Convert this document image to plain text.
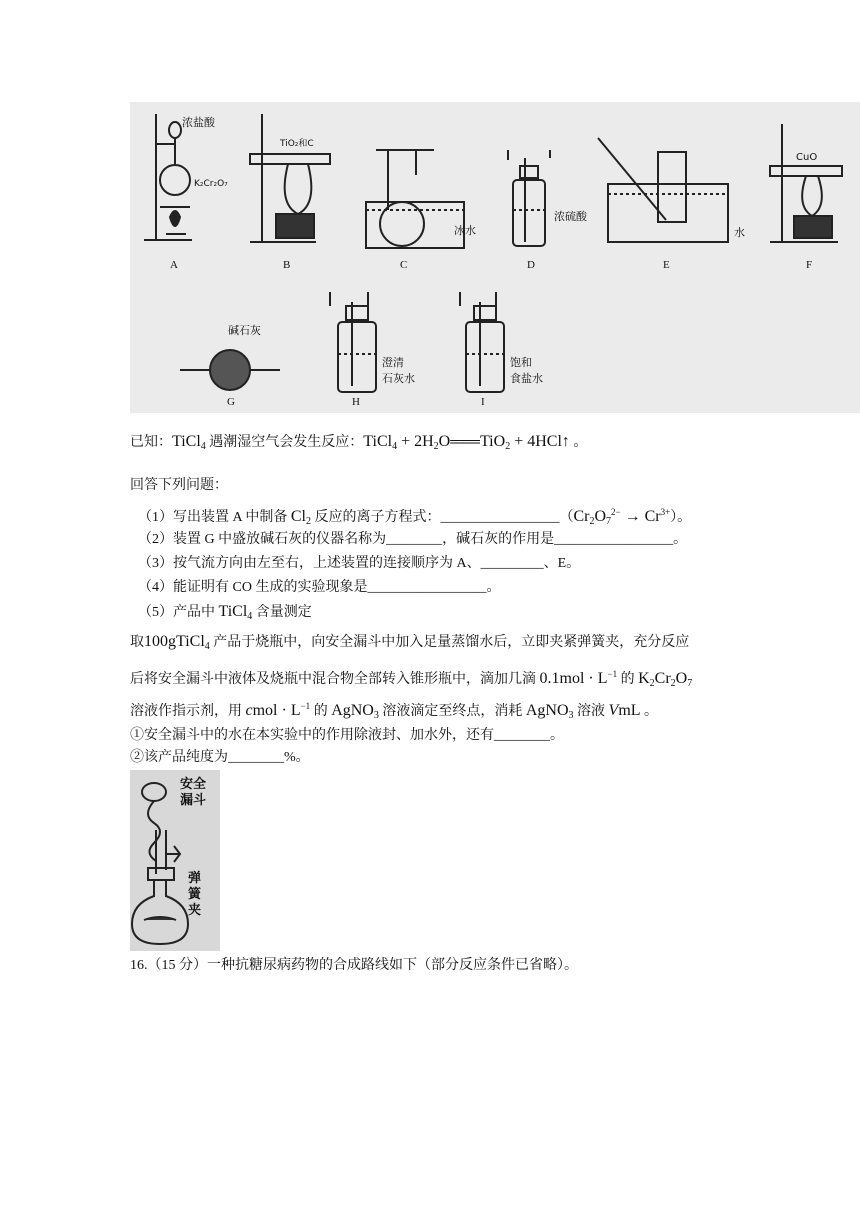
A	B	C	D	E	F
G	H	I
浓盐酸
K₂Cr₂O₇
TiO₂和C
冰水
浓硫酸
水
CuO
碱石灰
澄清
石灰水
饱和
食盐水
已知：TiCl$_4$ 遇潮湿空气会发生反应：TiCl$_4$ + $2H_2O═══TiO_2$ + 4HCl↑ 。
回答下列问题：
（1）写出装置 A 中制备 $Cl_2$ 反应的离子方程式：$\_\_\_\_\_\_\_\_\_\_\_\_\_\_\_\_\_(Cr_2O_7^{2-} \to Cr^{3+})$。
（2）装置 G 中盛放碱石灰的仪器名称为________，碱石灰的作用是_________________。
（3）按气流方向由左至右，上述装置的连接顺序为 A、_________、E。
（4）能证明有 CO 生成的实验现象是_________________。
（5）产品中 TiCl$_4$ 含量测定
取100gTiCl$_4$ 产品于烧瓶中，向安全漏斗中加入足量蒸馏水后，立即夹紧弹簧夹，充分反应
后将安全漏斗中液体及烧瓶中混合物全部转入锥形瓶中，滴加几滴 $0.1mol \cdot L^{-1}$ 的 $K_2Cr_2O_7$
溶液作指示剂，用 cmol · $L^{-1}$ 的 AgNO$_3$ 溶液滴定至终点，消耗 AgNO$_3$ 溶液 VmL 。
①安全漏斗中的水在本实验中的作用除液封、加水外，还有________。
②该产品纯度为________%。
安全
漏斗
弹
簧
夹
16.（15 分）一种抗糖尿病药物的合成路线如下（部分反应条件已省略）。
